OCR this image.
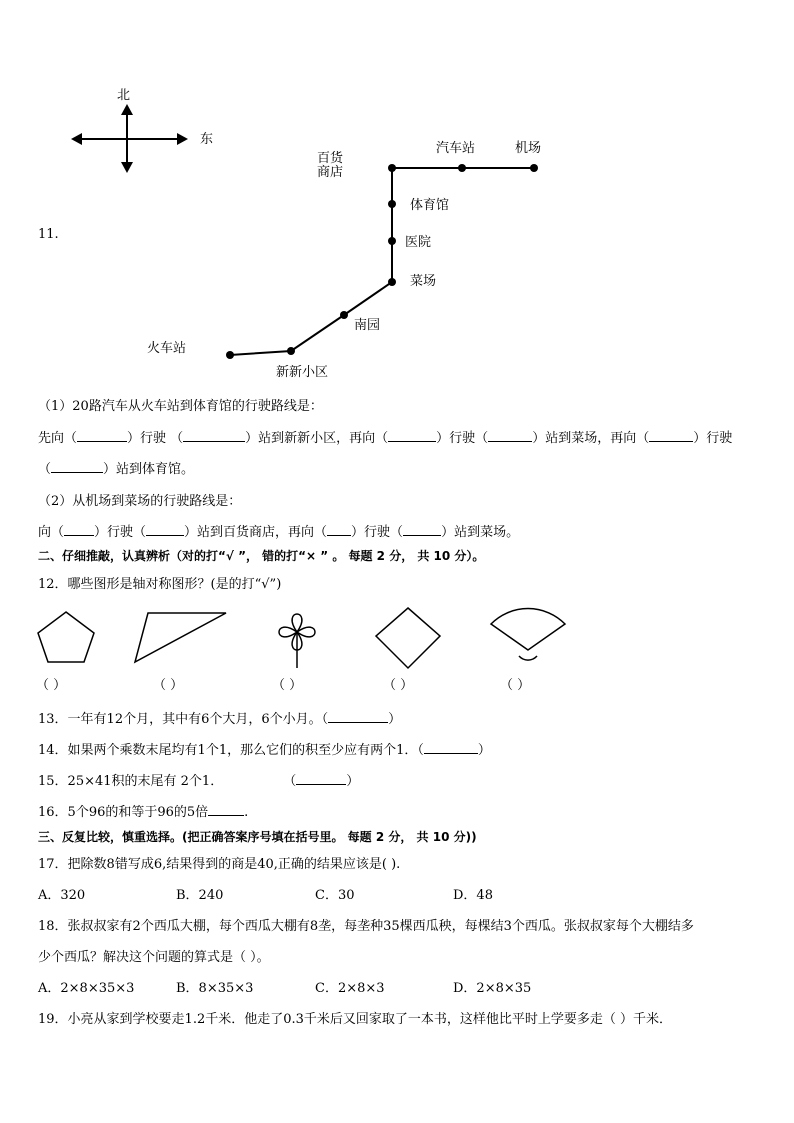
11.
北
东
百货
商店
汽车站	机场
体育馆
医院
菜场
南园
火车站
新新小区
（1）20路汽车从火车站到体育馆的行驶路线是：
先向（	）行驶 （	）站到新新小区，再向（	）行驶（	）站到菜场，再向（	）行驶
（	）站到体育馆。
（2）从机场到菜场的行驶路线是：
向（ ）行驶（	）站到百货商店，再向（ ）行驶（	）站到菜场。
二、仔细推敲，认真辨析（对的打“√ ”， 错的打“× ” 。 每题 2 分， 共 10 分）。
12．哪些图形是轴对称图形？(是的打“√”)
（ ）	（ ）	（ ）	（ ）	（ ）
13．一年有12个月，其中有6个大月，6个小月。（	）
14．如果两个乘数末尾均有1个1，那么它们的积至少应有两个1．（	）
15．25×41积的末尾有 2个1．	（	）
16．5个96的和等于96的5倍	.
三、反复比较，慎重选择。(把正确答案序号填在括号里。 每题 2 分， 共 10 分))
17．把除数8错写成6,结果得到的商是40,正确的结果应该是( ).
A．320	B．240	C．30	D．48
18．张叔叔家有2个西瓜大棚，每个西瓜大棚有8垄，每垄种35棵西瓜秧，每棵结3个西瓜。张叔叔家每个大棚结多
少个西瓜？解决这个问题的算式是（ ）。
A．2×8×35×3	B．8×35×3	C．2×8×3	D．2×8×35
19．小亮从家到学校要走1.2千米．他走了0.3千米后又回家取了一本书，这样他比平时上学要多走（ ）千米．
